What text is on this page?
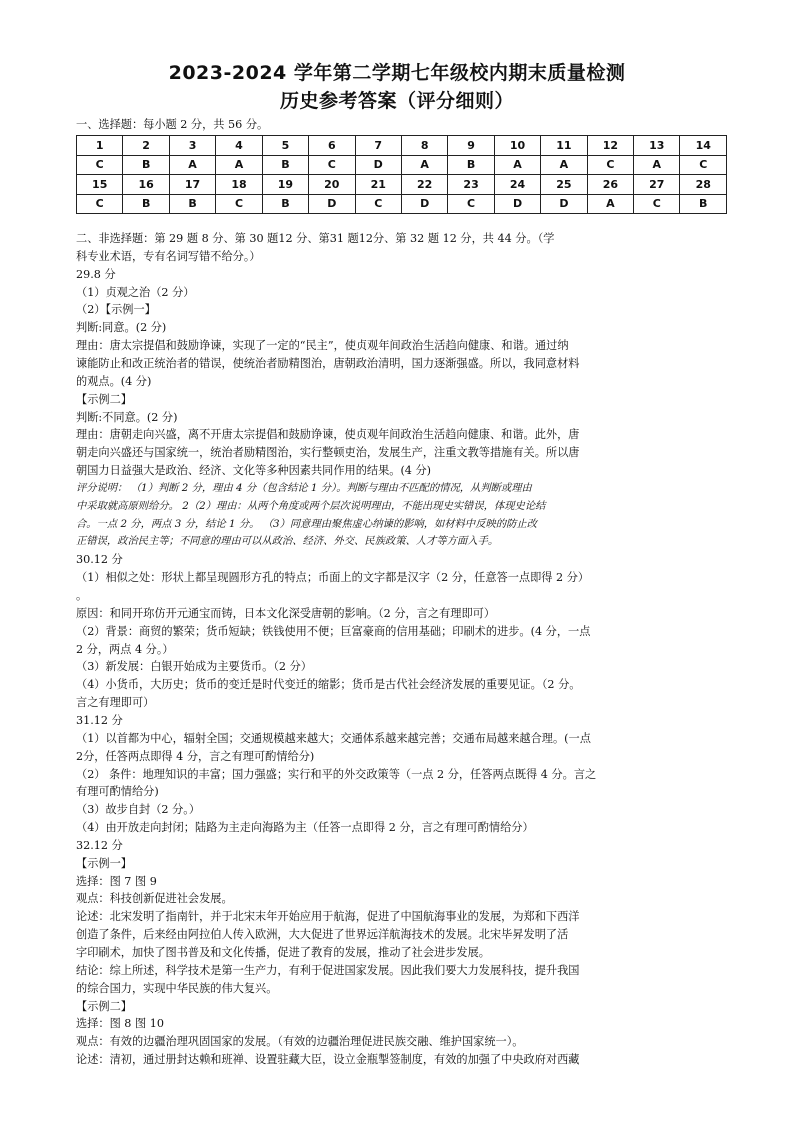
2023-2024 学年第二学期七年级校内期末质量检测
历史参考答案（评分细则）
一、选择题：每小题 2 分，共 56 分。
1	2	3	4	5	6	7	8	9	10	11	12	13	14
C	B	A	A	B	C	D	A	B	A	A	C	A	C
15	16	17	18	19	20	21	22	23	24	25	26	27	28
C	B	B	C	B	D	C	D	C	D	D	A	C	B
二、非选择题：第 29 题 8 分、第 30 题12 分、第31 题12分、第 32 题 12 分，共 44 分。（学
科专业术语，专有名词写错不给分。）
29.8 分
（1）贞观之治（2 分）
（2）【示例一】
判断:同意。(2 分)
理由：唐太宗提倡和鼓励诤谏，实现了一定的“民主”，使贞观年间政治生活趋向健康、和谐。通过纳
谏能防止和改正统治者的错误，使统治者励精图治，唐朝政治清明，国力逐渐强盛。所以，我同意材料
的观点。(4 分)
【示例二】
判断:不同意。(2 分)
理由：唐朝走向兴盛，离不开唐太宗提倡和鼓励诤谏，使贞观年间政治生活趋向健康、和谐。此外，唐
朝走向兴盛还与国家统一，统治者励精图治，实行整顿吏治，发展生产，注重文教等措施有关。所以唐
朝国力日益强大是政治、经济、文化等多种因素共同作用的结果。(4 分)
评分说明： （1）判断 2 分，理由 4 分（包含结论 1 分）。判断与理由不匹配的情况，从判断或理由
中采取就高原则给分。 2（2）理由：从两个角度或两个层次说明理由，不能出现史实错误，体现史论结
合。一点 2 分，两点 3 分，结论 1 分。 （3）同意理由聚焦虚心纳谏的影响，如材料中反映的防止改
正错误，政治民主等；不同意的理由可以从政治、经济、外交、民族政策、人才等方面入手。
30.12 分
（1）相似之处：形状上都呈现圆形方孔的特点；币面上的文字都是汉字（2 分，任意答一点即得 2 分）
。
原因：和同开珎仿开元通宝而铸，日本文化深受唐朝的影响。（2 分，言之有理即可）
（2）背景：商贸的繁荣；货币短缺；铁钱使用不便；巨富豪商的信用基础；印刷术的进步。(4 分，一点
2 分，两点 4 分。）
（3）新发展：白银开始成为主要货币。（2 分）
（4）小货币，大历史；货币的变迁是时代变迁的缩影；货币是古代社会经济发展的重要见证。（2 分。
言之有理即可）
31.12 分
（1）以首都为中心，辐射全国；交通规模越来越大；交通体系越来越完善；交通布局越来越合理。(一点
2分，任答两点即得 4 分，言之有理可酌情给分)
（2） 条件：地理知识的丰富；国力强盛；实行和平的外交政策等（一点 2 分，任答两点既得 4 分。言之
有理可酌情给分)
（3）故步自封（2 分。）
（4）由开放走向封闭；陆路为主走向海路为主（任答一点即得 2 分，言之有理可酌情给分）
32.12 分
【示例一】
选择：图 7 图 9
观点：科技创新促进社会发展。
论述：北宋发明了指南针，并于北宋末年开始应用于航海，促进了中国航海事业的发展，为郑和下西洋
创造了条件，后来经由阿拉伯人传入欧洲，大大促进了世界远洋航海技术的发展。北宋毕昇发明了活
字印刷术，加快了图书普及和文化传播，促进了教育的发展，推动了社会进步发展。
结论：综上所述，科学技术是第一生产力，有利于促进国家发展。因此我们要大力发展科技，提升我国
的综合国力，实现中华民族的伟大复兴。
【示例二】
选择：图 8 图 10
观点：有效的边疆治理巩固国家的发展。（有效的边疆治理促进民族交融、维护国家统一）。
论述：清初，通过册封达赖和班禅、设置驻藏大臣，设立金瓶掣签制度，有效的加强了中央政府对西藏
